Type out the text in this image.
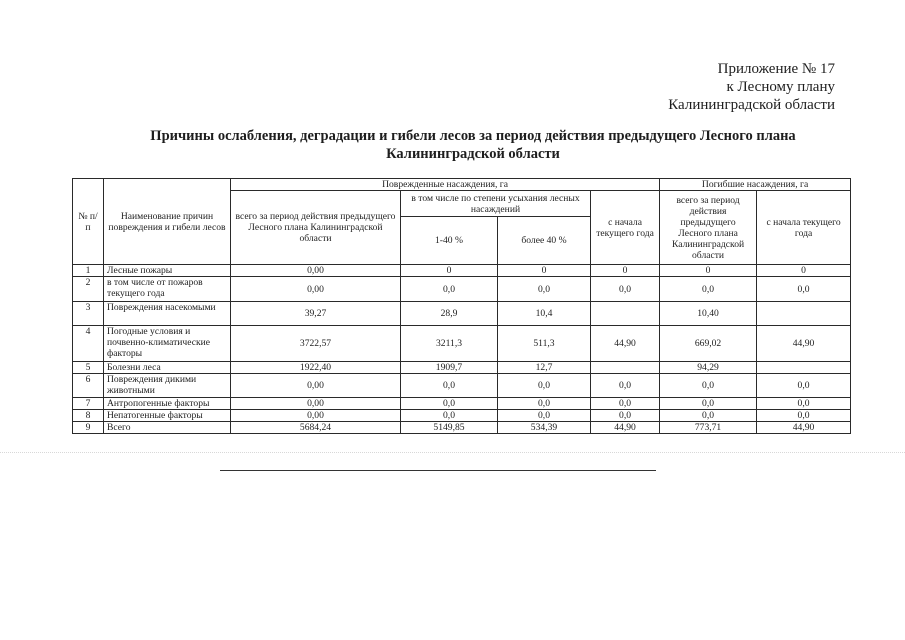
Приложение № 17
к Лесному плану
Калининградской области
Причины ослабления, деградации и гибели лесов за период действия предыдущего Лесного плана
Калининградской области
№ п/п	Наименование причин повреждения и гибели лесов	Поврежденные насаждения, га				Погибшие насаждения, га	
		всего за период действия предыдущего Лесного плана Калининградской области	в том числе по степени усыхания лесных насаждений		с начала текущего года	всего за период действия предыдущего Лесного плана Калининградской области	с начала текущего года
			1-40 %	более 40 %			
1	Лесные пожары	0,00	0	0	0	0	0
2	в том числе от пожаров текущего года	0,00	0,0	0,0	0,0	0,0	0,0
3	Повреждения насекомыми	39,27	28,9	10,4		10,40	
4	Погодные условия и почвенно-климатические факторы	3722,57	3211,3	511,3	44,90	669,02	44,90
5	Болезни леса	1922,40	1909,7	12,7		94,29	
6	Повреждения дикими животными	0,00	0,0	0,0	0,0	0,0	0,0
7	Антропогенные факторы	0,00	0,0	0,0	0,0	0,0	0,0
8	Непатогенные факторы	0,00	0,0	0,0	0,0	0,0	0,0
9	Всего	5684,24	5149,85	534,39	44,90	773,71	44,90
